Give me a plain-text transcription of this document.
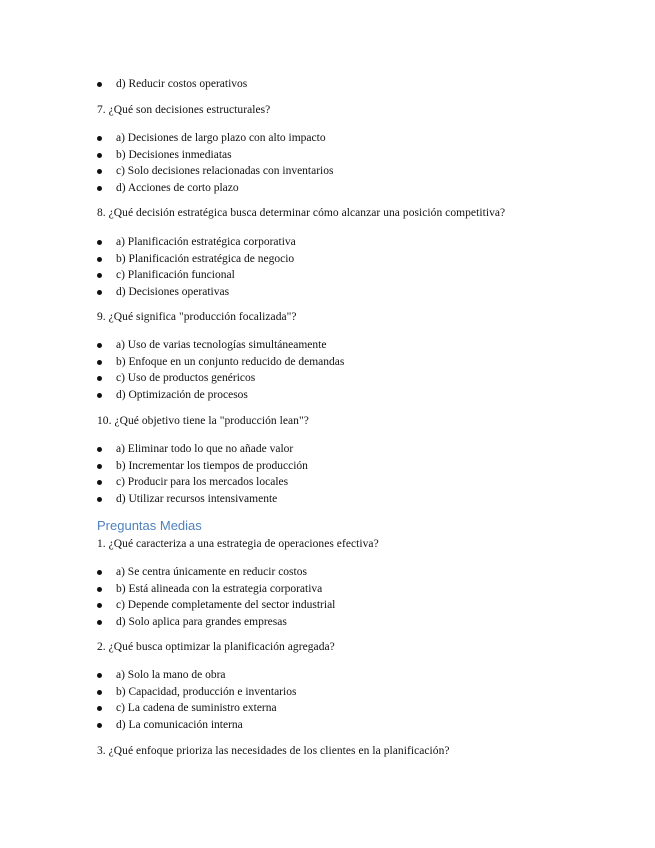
d) Reducir costos operativos
7. ¿Qué son decisiones estructurales?
a) Decisiones de largo plazo con alto impacto
b) Decisiones inmediatas
c) Solo decisiones relacionadas con inventarios
d) Acciones de corto plazo
8. ¿Qué decisión estratégica busca determinar cómo alcanzar una posición competitiva?
a) Planificación estratégica corporativa
b) Planificación estratégica de negocio
c) Planificación funcional
d) Decisiones operativas
9. ¿Qué significa "producción focalizada"?
a) Uso de varias tecnologías simultáneamente
b) Enfoque en un conjunto reducido de demandas
c) Uso de productos genéricos
d) Optimización de procesos
10. ¿Qué objetivo tiene la "producción lean"?
a) Eliminar todo lo que no añade valor
b) Incrementar los tiempos de producción
c) Producir para los mercados locales
d) Utilizar recursos intensivamente
Preguntas Medias
1. ¿Qué caracteriza a una estrategia de operaciones efectiva?
a) Se centra únicamente en reducir costos
b) Está alineada con la estrategia corporativa
c) Depende completamente del sector industrial
d) Solo aplica para grandes empresas
2. ¿Qué busca optimizar la planificación agregada?
a) Solo la mano de obra
b) Capacidad, producción e inventarios
c) La cadena de suministro externa
d) La comunicación interna
3. ¿Qué enfoque prioriza las necesidades de los clientes en la planificación?
